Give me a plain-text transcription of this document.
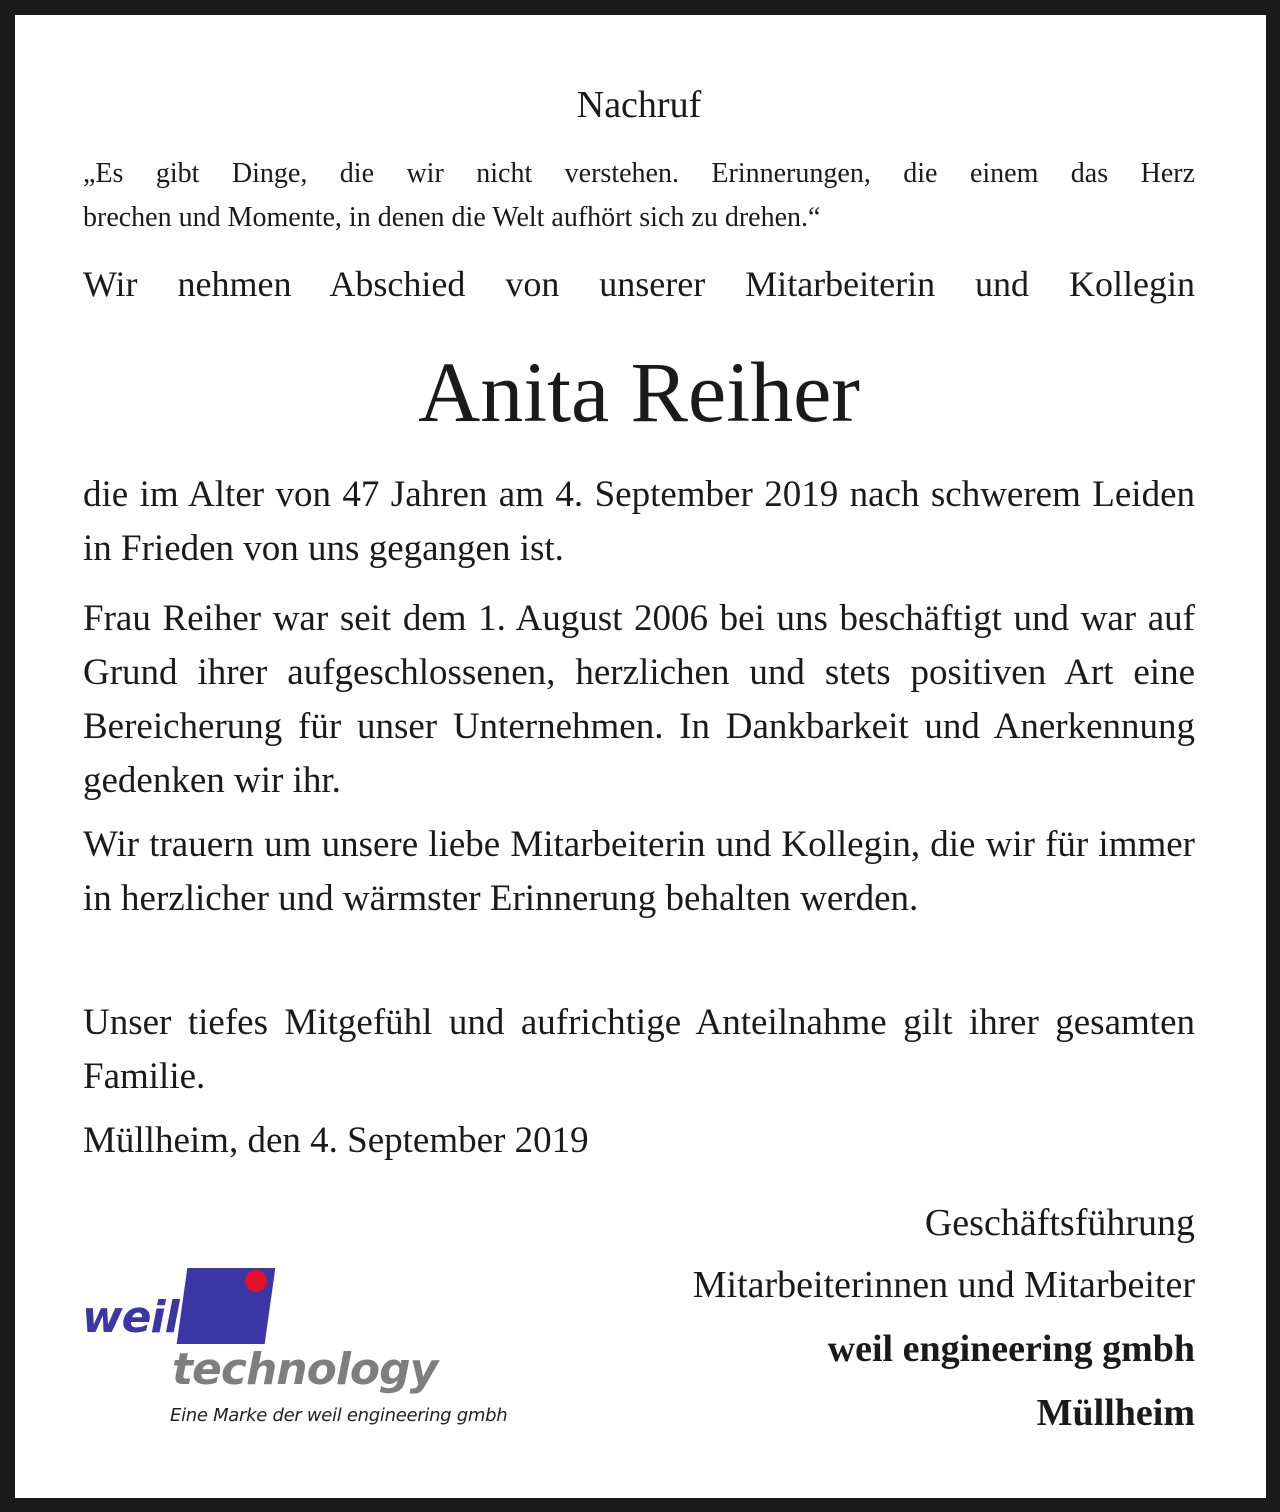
Nachruf
„Es gibt Dinge, die wir nicht verstehen. Erinnerungen, die einem das Herz
brechen und Momente, in denen die Welt aufhört sich zu drehen.“
Wir nehmen Abschied von unserer Mitarbeiterin und Kollegin
Anita Reiher
die im Alter von 47 Jahren am 4. September 2019 nach schwerem Leiden in Frieden von uns gegangen ist.
Frau Reiher war seit dem 1. August 2006 bei uns beschäftigt und war auf Grund ihrer aufgeschlossenen, herzlichen und stets positiven Art eine Bereicherung für unser Unternehmen. In Dankbarkeit und Anerkennung gedenken wir ihr.
Wir trauern um unsere liebe Mitarbeiterin und Kollegin, die wir für immer in herzlicher und wärmster Erinnerung behalten werden.
Unser tiefes Mitgefühl und aufrichtige Anteilnahme gilt ihrer gesamten Familie.
Müllheim, den 4. September 2019
Geschäftsführung
Mitarbeiterinnen und Mitarbeiter
weil engineering gmbh
Müllheim
weil
technology
Eine Marke der weil engineering gmbh
